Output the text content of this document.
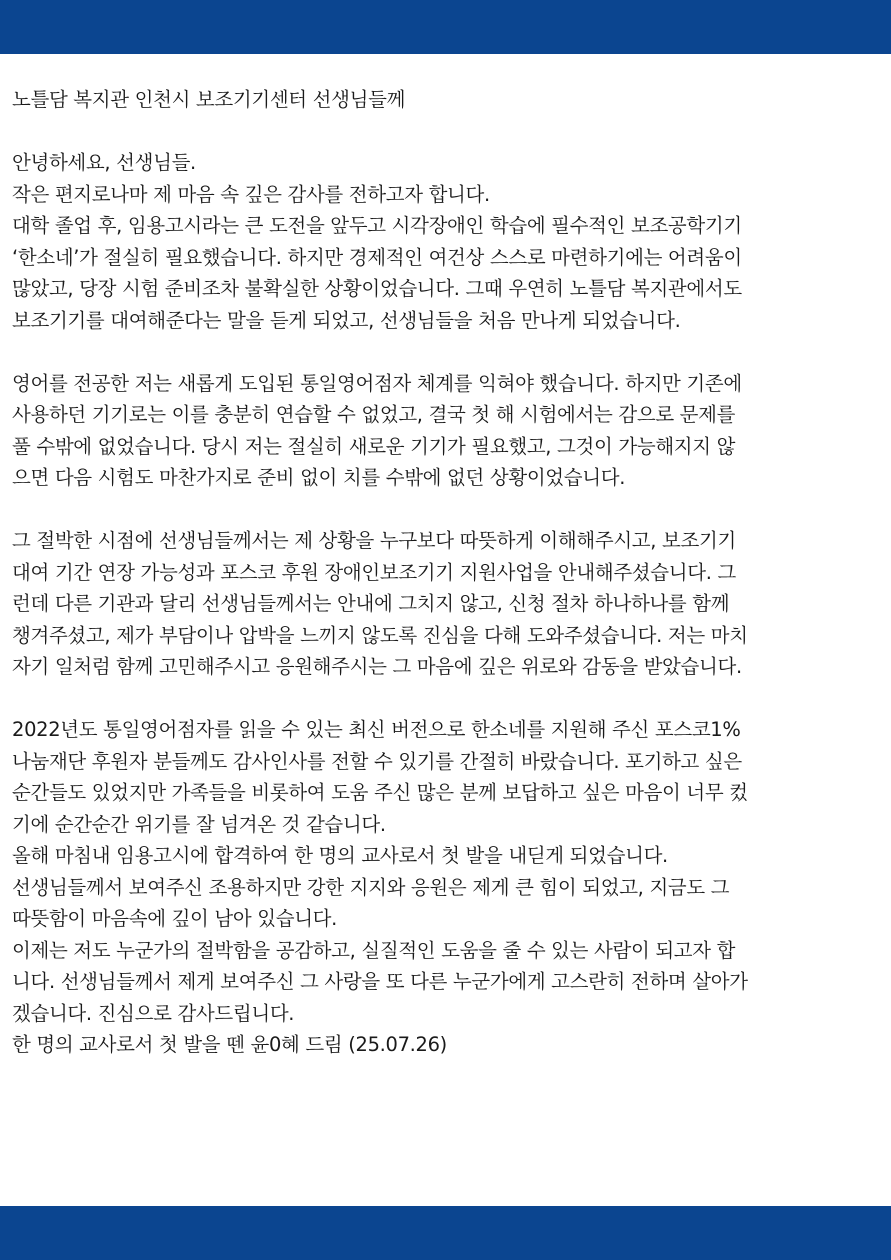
노틀담 복지관 인천시 보조기기센터 선생님들께
안녕하세요, 선생님들.
작은 편지로나마 제 마음 속 깊은 감사를 전하고자 합니다.
대학 졸업 후, 임용고시라는 큰 도전을 앞두고 시각장애인 학습에 필수적인 보조공학기기
‘한소네’가 절실히 필요했습니다. 하지만 경제적인 여건상 스스로 마련하기에는 어려움이
많았고, 당장 시험 준비조차 불확실한 상황이었습니다. 그때 우연히 노틀담 복지관에서도
보조기기를 대여해준다는 말을 듣게 되었고, 선생님들을 처음 만나게 되었습니다.
영어를 전공한 저는 새롭게 도입된 통일영어점자 체계를 익혀야 했습니다. 하지만 기존에
사용하던 기기로는 이를 충분히 연습할 수 없었고, 결국 첫 해 시험에서는 감으로 문제를
풀 수밖에 없었습니다. 당시 저는 절실히 새로운 기기가 필요했고, 그것이 가능해지지 않
으면 다음 시험도 마찬가지로 준비 없이 치를 수밖에 없던 상황이었습니다.
그 절박한 시점에 선생님들께서는 제 상황을 누구보다 따뜻하게 이해해주시고, 보조기기
대여 기간 연장 가능성과 포스코 후원 장애인보조기기 지원사업을 안내해주셨습니다. 그
런데 다른 기관과 달리 선생님들께서는 안내에 그치지 않고, 신청 절차 하나하나를 함께
챙겨주셨고, 제가 부담이나 압박을 느끼지 않도록 진심을 다해 도와주셨습니다. 저는 마치
자기 일처럼 함께 고민해주시고 응원해주시는 그 마음에 깊은 위로와 감동을 받았습니다.
2022년도 통일영어점자를 읽을 수 있는 최신 버전으로 한소네를 지원해 주신 포스코1%
나눔재단 후원자 분들께도 감사인사를 전할 수 있기를 간절히 바랐습니다. 포기하고 싶은
순간들도 있었지만 가족들을 비롯하여 도움 주신 많은 분께 보답하고 싶은 마음이 너무 컸
기에 순간순간 위기를 잘 넘겨온 것 같습니다.
올해 마침내 임용고시에 합격하여 한 명의 교사로서 첫 발을 내딛게 되었습니다.
선생님들께서 보여주신 조용하지만 강한 지지와 응원은 제게 큰 힘이 되었고, 지금도 그
따뜻함이 마음속에 깊이 남아 있습니다.
이제는 저도 누군가의 절박함을 공감하고, 실질적인 도움을 줄 수 있는 사람이 되고자 합
니다. 선생님들께서 제게 보여주신 그 사랑을 또 다른 누군가에게 고스란히 전하며 살아가
겠습니다. 진심으로 감사드립니다.
한 명의 교사로서 첫 발을 뗀 윤0혜 드림 (25.07.26)
